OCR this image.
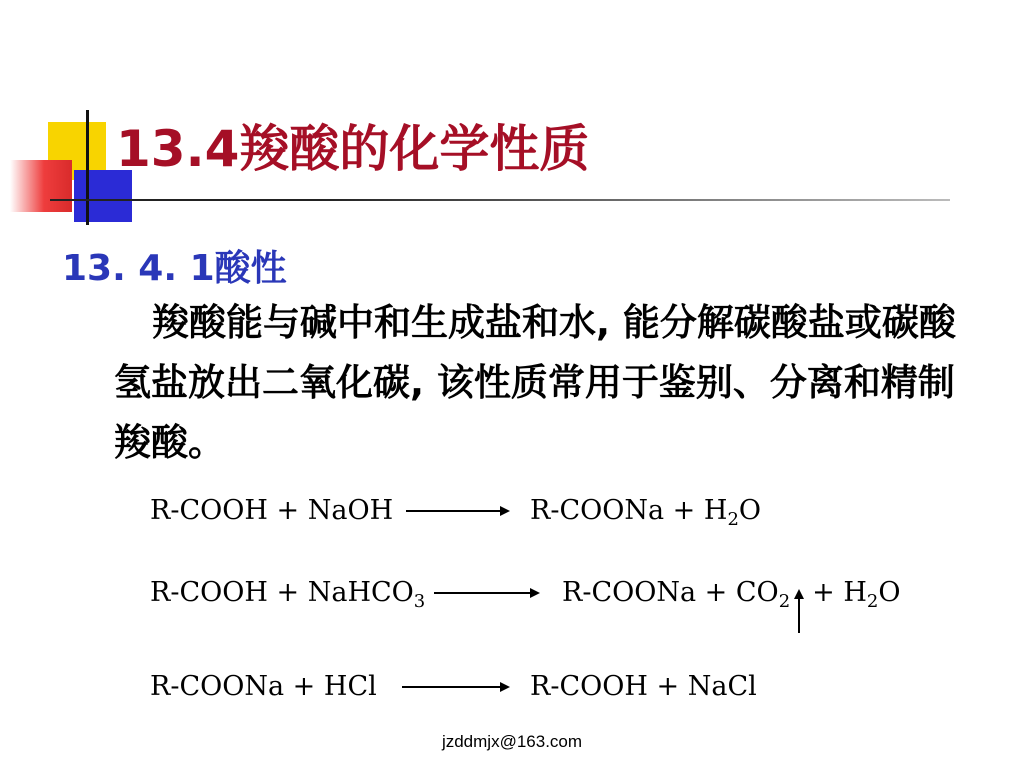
13.4羧酸的化学性质
13. 4. 1酸性
羧酸能与碱中和生成盐和水, 能分解碳酸盐或碳酸氢盐放出二氧化碳, 该性质常用于鉴别、分离和精制羧酸。
R-COOH + NaOH → R-COONa + $H_2O$
R-COOH + NaHCO$_3$ → R-COONa + $CO_2 + H_2O$
R-COONa + HCl → R-COOH + NaCl
jzddmjx@163.com
